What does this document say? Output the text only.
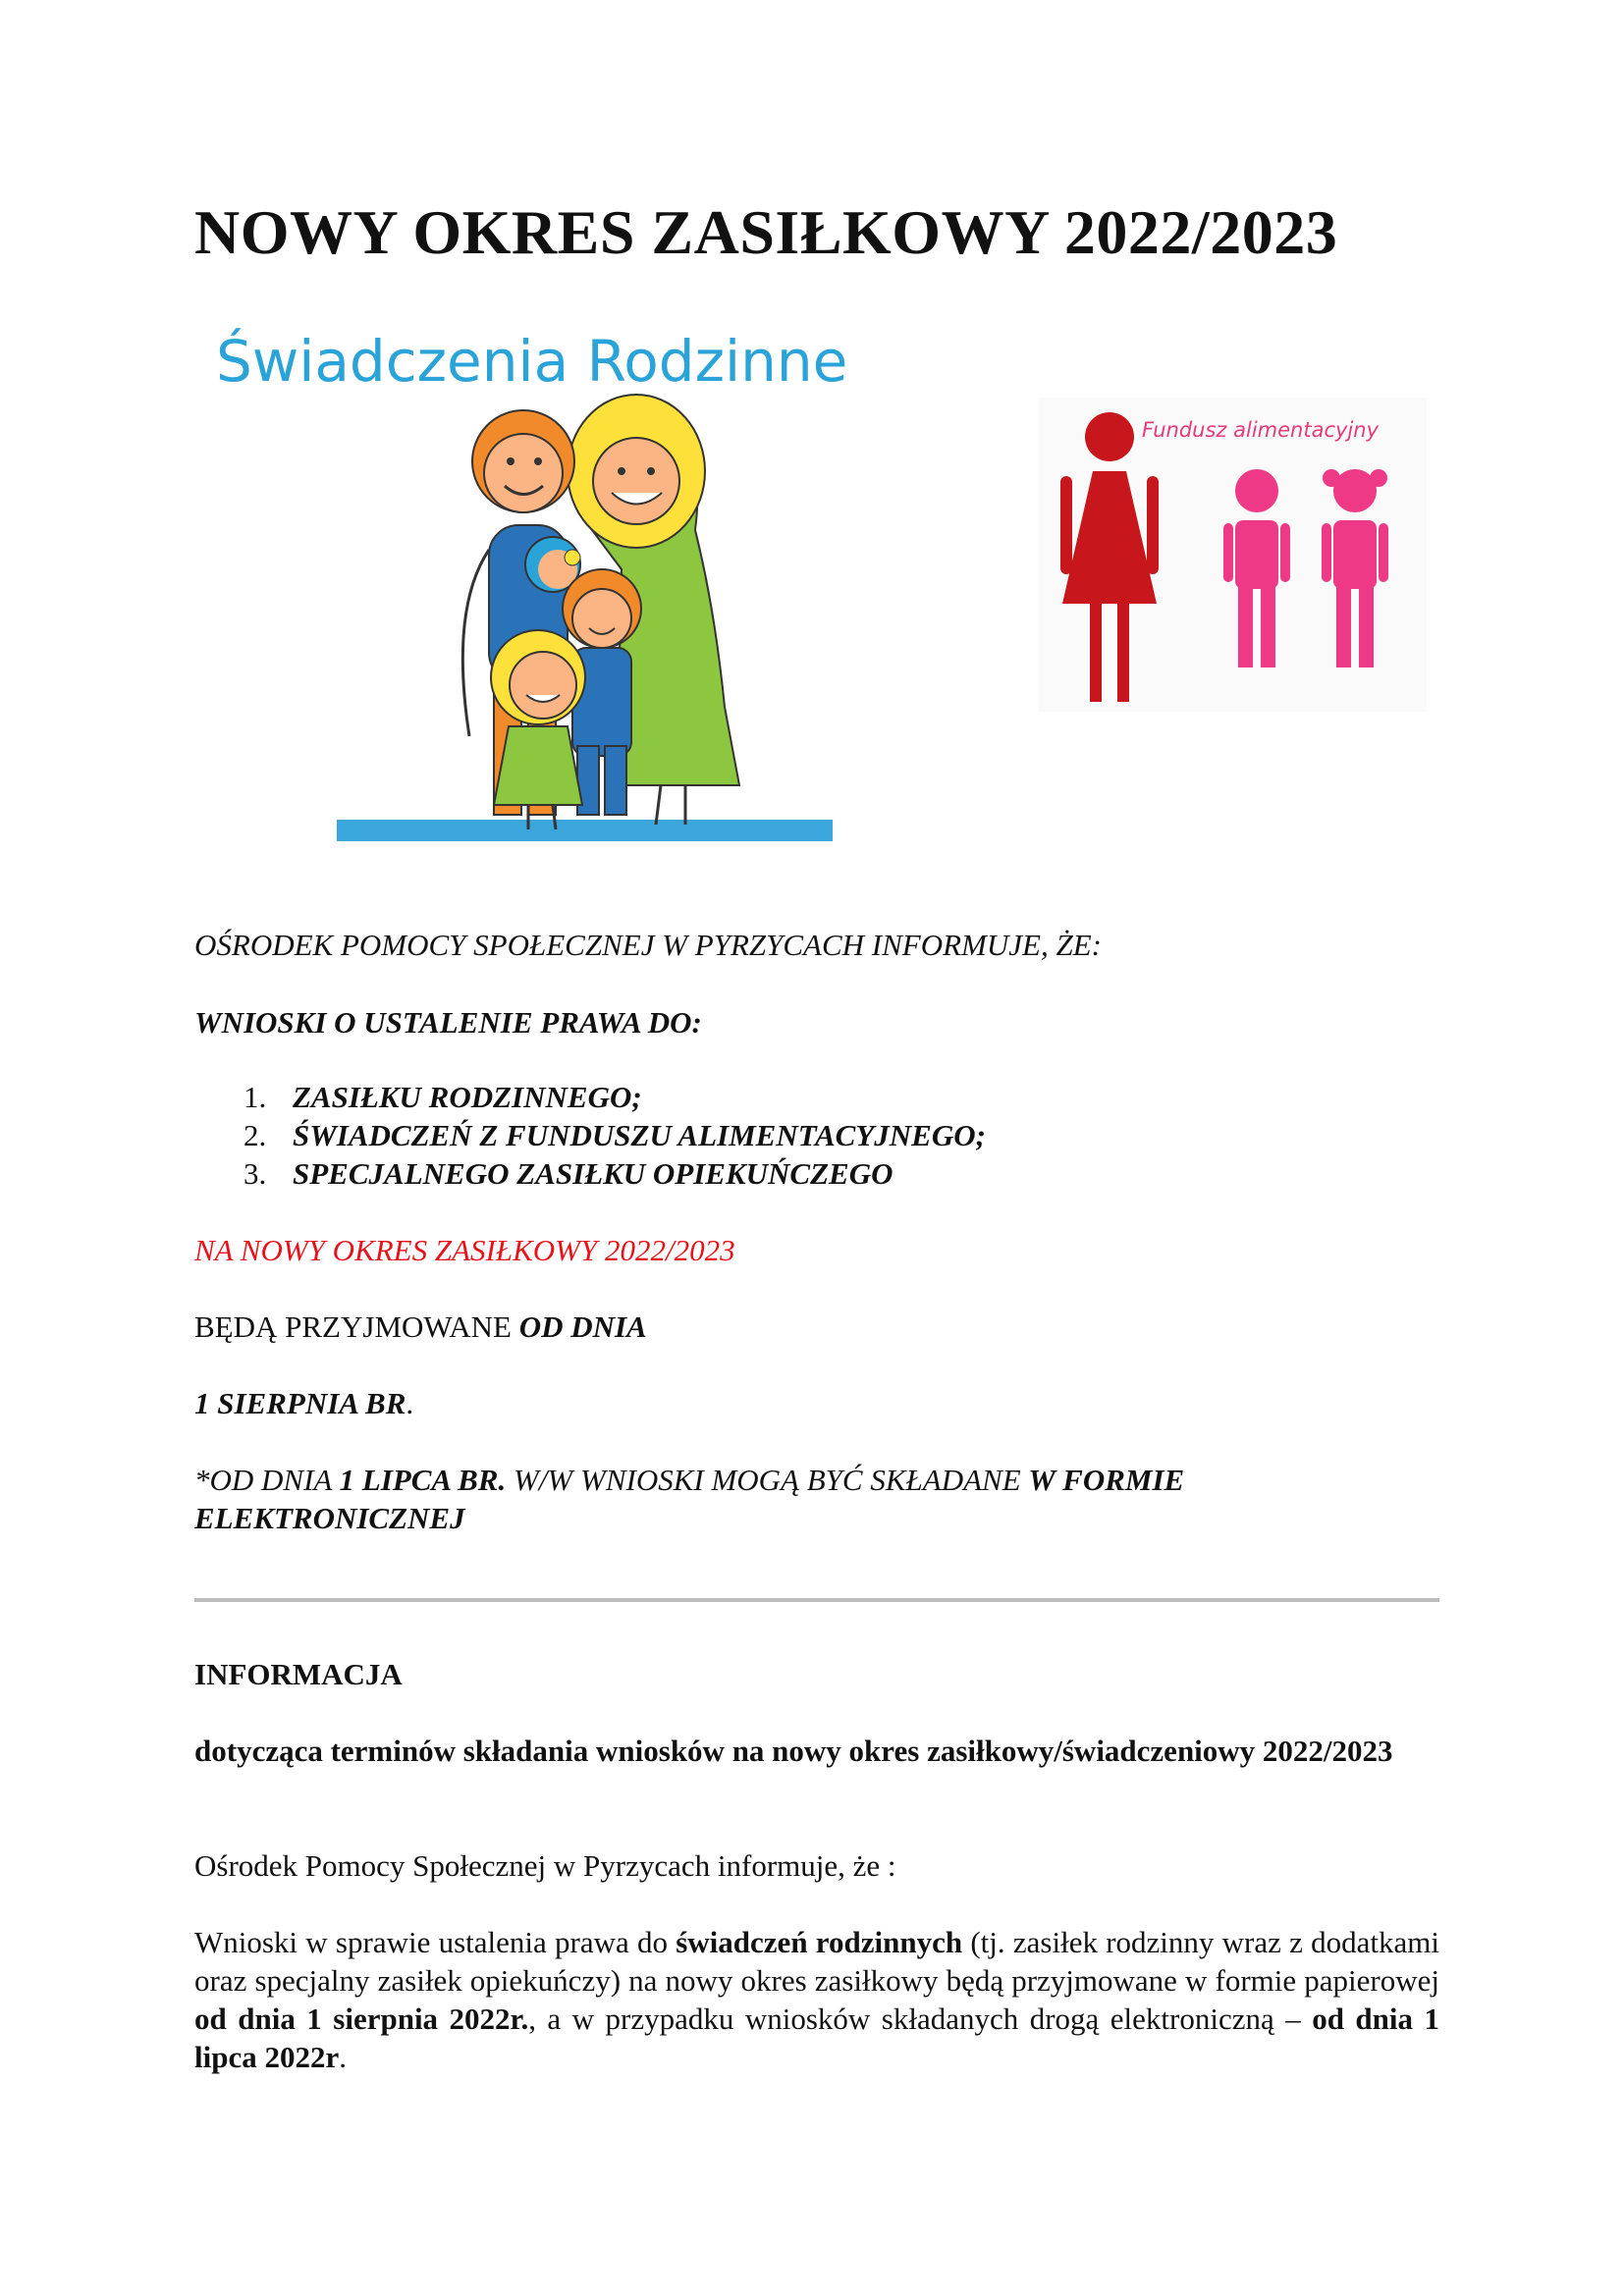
NOWY OKRES ZASIŁKOWY 2022/2023
Świadczenia Rodzinne
Fundusz alimentacyjny

OŚRODEK POMOCY SPOŁECZNEJ W PYRZYCACH INFORMUJE, ŻE:

WNIOSKI O USTALENIE PRAWA DO:

1. ZASIŁKU RODZINNEGO;
2. ŚWIADCZEŃ Z FUNDUSZU ALIMENTACYJNEGO;
3. SPECJALNEGO ZASIŁKU OPIEKUŃCZEGO

NA NOWY OKRES ZASIŁKOWY 2022/2023

BĘDĄ PRZYJMOWANE OD DNIA

1 SIERPNIA BR.

*OD DNIA 1 LIPCA BR. W/W WNIOSKI MOGĄ BYĆ SKŁADANE W FORMIE ELEKTRONICZNEJ

INFORMACJA

dotycząca terminów składania wniosków na nowy okres zasiłkowy/świadczeniowy 2022/2023

Ośrodek Pomocy Społecznej w Pyrzycach informuje, że :

Wnioski w sprawie ustalenia prawa do świadczeń rodzinnych (tj. zasiłek rodzinny wraz z dodatkami oraz specjalny zasiłek opiekuńczy) na nowy okres zasiłkowy będą przyjmowane w formie papierowej od dnia 1 sierpnia 2022r., a w przypadku wniosków składanych drogą elektroniczną – od dnia 1 lipca 2022r.
